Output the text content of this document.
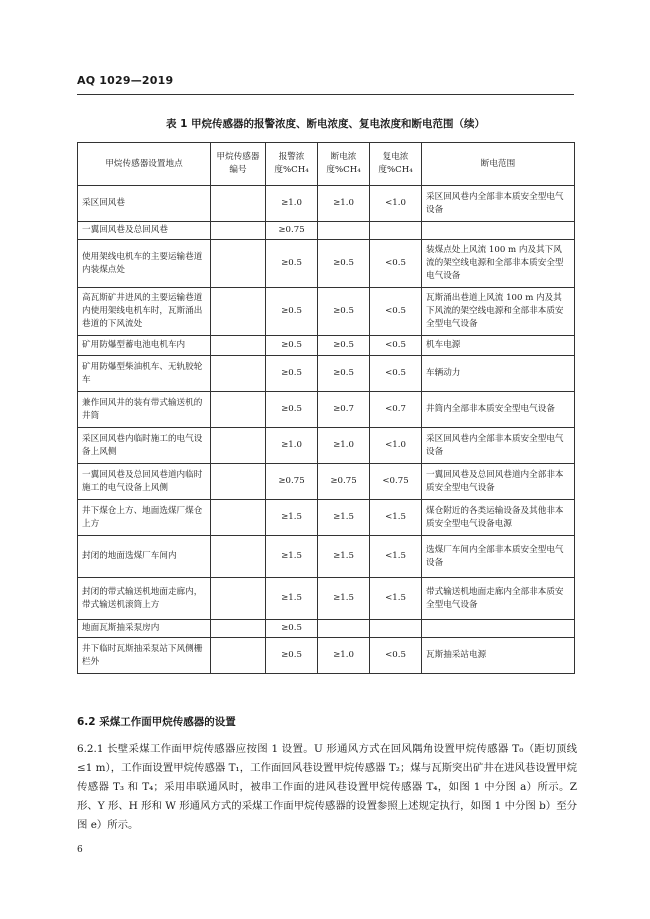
AQ 1029—2019
表 1 甲烷传感器的报警浓度、断电浓度、复电浓度和断电范围（续）
甲烷传感器设置地点	甲烷传感器编号	报警浓度%CH₄	断电浓度%CH₄	复电浓度%CH₄	断电范围
采区回风巷		≥1.0	≥1.0	<1.0	采区回风巷内全部非本质安全型电气设备
一翼回风巷及总回风巷		≥0.75			
使用架线电机车的主要运输巷道内装煤点处		≥0.5	≥0.5	<0.5	装煤点处上风流 100 m 内及其下风流的架空线电源和全部非本质安全型电气设备
高瓦斯矿井进风的主要运输巷道内使用架线电机车时，瓦斯涌出巷道的下风流处		≥0.5	≥0.5	<0.5	瓦斯涌出巷道上风流 100 m 内及其下风流的架空线电源和全部非本质安全型电气设备
矿用防爆型蓄电池电机车内		≥0.5	≥0.5	<0.5	机车电源
矿用防爆型柴油机车、无轨胶轮车		≥0.5	≥0.5	<0.5	车辆动力
兼作回风井的装有带式输送机的井筒		≥0.5	≥0.7	<0.7	井筒内全部非本质安全型电气设备
采区回风巷内临时施工的电气设备上风侧		≥1.0	≥1.0	<1.0	采区回风巷内全部非本质安全型电气设备
一翼回风巷及总回风巷道内临时施工的电气设备上风侧		≥0.75	≥0.75	<0.75	一翼回风巷及总回风巷道内全部非本质安全型电气设备
井下煤仓上方、地面选煤厂煤仓上方		≥1.5	≥1.5	<1.5	煤仓附近的各类运输设备及其他非本质安全型电气设备电源
封闭的地面选煤厂车间内		≥1.5	≥1.5	<1.5	选煤厂车间内全部非本质安全型电气设备
封闭的带式输送机地面走廊内，带式输送机滚筒上方		≥1.5	≥1.5	<1.5	带式输送机地面走廊内全部非本质安全型电气设备
地面瓦斯抽采泵房内		≥0.5			
井下临时瓦斯抽采泵站下风侧栅栏外		≥0.5	≥1.0	<0.5	瓦斯抽采站电源
6.2 采煤工作面甲烷传感器的设置
6.2.1 长壁采煤工作面甲烷传感器应按图 1 设置。U 形通风方式在回风隅角设置甲烷传感器 T₀（距切顶线≤1 m），工作面设置甲烷传感器 T₁，工作面回风巷设置甲烷传感器 T₂；煤与瓦斯突出矿井在进风巷设置甲烷传感器 T₃ 和 T₄；采用串联通风时，被串工作面的进风巷设置甲烷传感器 T₄，如图 1 中分图 a）所示。Z 形、Y 形、H 形和 W 形通风方式的采煤工作面甲烷传感器的设置参照上述规定执行，如图 1 中分图 b）至分图 e）所示。
6
